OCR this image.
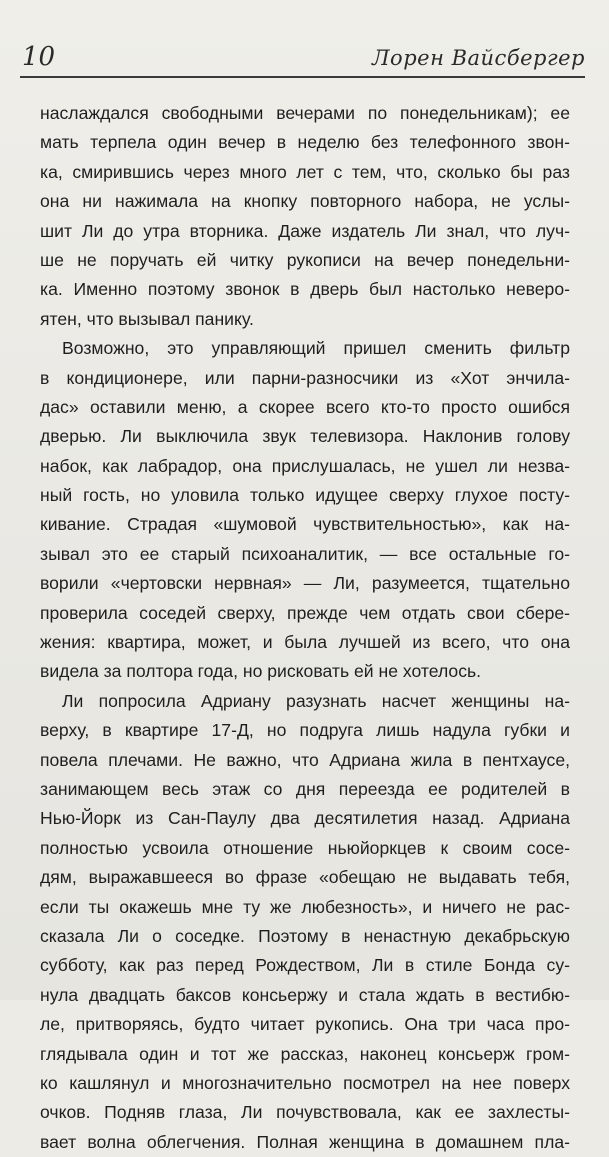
10	Лорен Вайсбергер
наслаждался свободными вечерами по понедельникам); ее
мать терпела один вечер в неделю без телефонного звон-
ка, смирившись через много лет с тем, что, сколько бы раз
она ни нажимала на кнопку повторного набора, не услы-
шит Ли до утра вторника. Даже издатель Ли знал, что луч-
ше не поручать ей читку рукописи на вечер понедельни-
ка. Именно поэтому звонок в дверь был настолько невеpo-
ятен, что вызывал панику.
Возможно, это управляющий пришел сменить фильтр
в кондиционере, или парни-разносчики из «Хот энчила-
дас» оставили меню, а скорее всего кто-то просто ошибся
дверью. Ли выключила звук телевизора. Наклонив голову
набок, как лабрадор, она прислушалась, не ушел ли незва-
ный гость, но уловила только идущее сверху глухое посту-
кивание. Страдая «шумовой чувствительностью», как на-
зывал это ее старый психоаналитик, — все остальные го-
ворили «чертовски нервная» — Ли, разумеется, тщательно
проверила соседей сверху, прежде чем отдать свои сбере-
жения: квартира, может, и была лучшей из всего, что она
видела за полтора года, но рисковать ей не хотелось.
Ли попросила Адриану разузнать насчет женщины на-
верху, в квартире 17-Д, но подруга лишь надула губки и
повела плечами. Не важно, что Адриана жила в пентхаусе,
занимающем весь этаж со дня переезда ее родителей в
Нью-Йорк из Сан-Паулу два десятилетия назад. Адриана
полностью усвоила отношение ньюйоркцев к своим сосе-
дям, выражавшееся во фразе «обещаю не выдавать тебя,
если ты окажешь мне ту же любезность», и ничего не рас-
сказала Ли о соседке. Поэтому в ненастную декабрьскую
субботу, как раз перед Рождеством, Ли в стиле Бонда су-
нула двадцать баксов консьержу и стала ждать в вестибю-
ле, притворяясь, будто читает рукопись. Она три часа про-
глядывала один и тот же рассказ, наконец консьерж гром-
ко кашлянул и многозначительно посмотрел на нее поверх
очков. Подняв глаза, Ли почувствовала, как ее захлесты-
вает волна облегчения. Полная женщина в домашнем пла-
